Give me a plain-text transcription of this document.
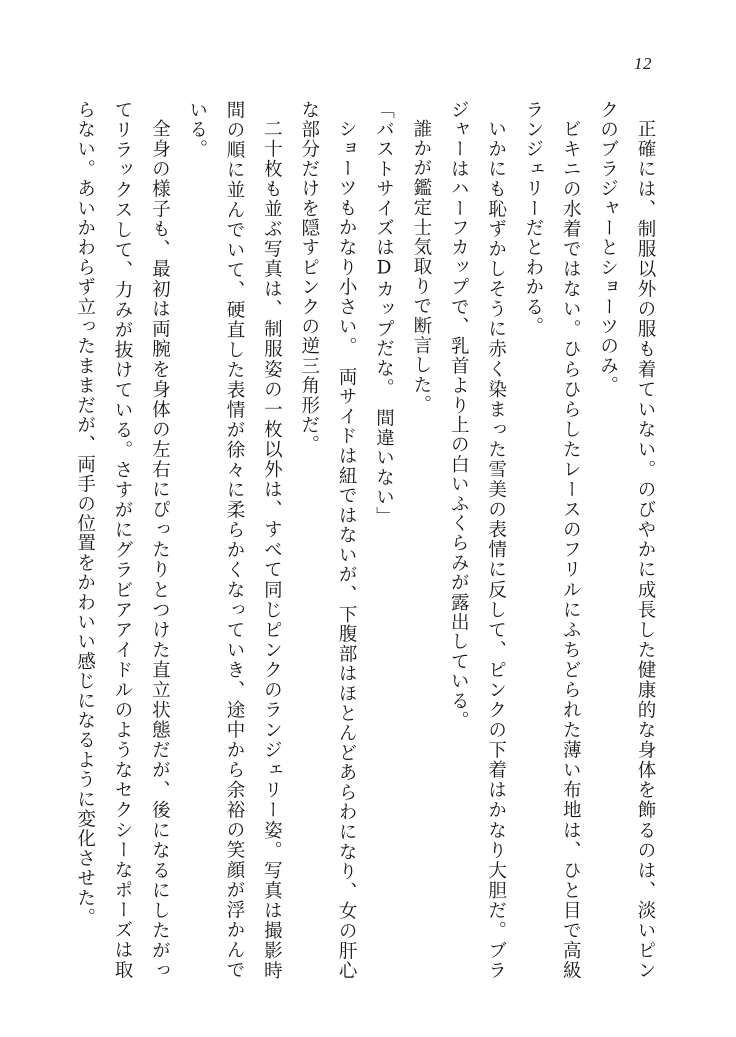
12

正確には、制服以外の服も着ていない。のびやかに成長した健康的な身体を飾るのは、淡いピンクのブラジャーとショーツのみ。

ビキニの水着ではない。ひらひらしたレースのフリルにふちどられた薄い布地は、ひと目で高級ランジェリーだとわかる。

いかにも恥ずかしそうに赤く染まった雪美の表情に反して、ピンクの下着はかなり大胆だ。ブラジャーはハーフカップで、乳首より上の白いふくらみが露出している。

誰かが鑑定士気取りで断言した。

「バストサイズはDカップだな。　間違いない」

ショーツもかなり小さい。　両サイドは紐ではないが、下腹部はほとんどあらわになり、女の肝心な部分だけを隠すピンクの逆三角形だ。

二十枚も並ぶ写真は、制服姿の一枚以外は、すべて同じピンクのランジェリー姿。写真は撮影時間の順に並んでいて、硬直した表情が徐々に柔らかくなっていき、途中から余裕の笑顔が浮かんでいる。

全身の様子も、最初は両腕を身体の左右にぴったりとつけた直立状態だが、後になるにしたがってリラックスして、力みが抜けている。さすがにグラビアアイドルのようなセクシーなポーズは取らない。あいかわらず立ったままだが、両手の位置をかわいい感じになるように変化させた。
